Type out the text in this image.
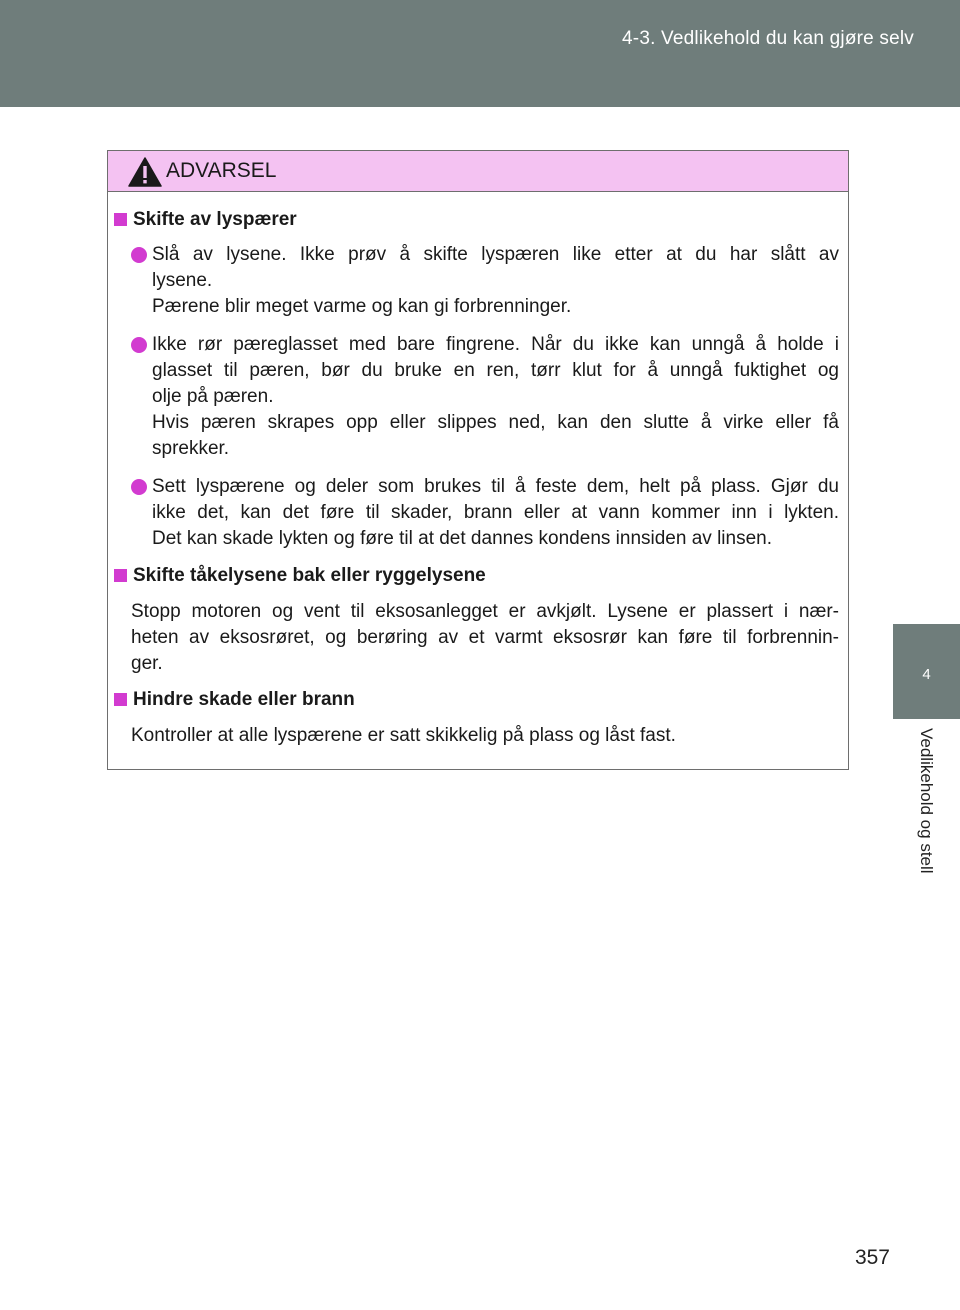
4-3. Vedlikehold du kan gjøre selv
4
Vedlikehold og stell
ADVARSEL
Skifte av lyspærer
Slå av lysene. Ikke prøv å skifte lyspæren like etter at du har slått av
lysene.
Pærene blir meget varme og kan gi forbrenninger.
Ikke rør pæreglasset med bare fingrene. Når du ikke kan unngå å holde i
glasset til pæren, bør du bruke en ren, tørr klut for å unngå fuktighet og
olje på pæren.
Hvis pæren skrapes opp eller slippes ned, kan den slutte å virke eller få
sprekker.
Sett lyspærene og deler som brukes til å feste dem, helt på plass. Gjør du
ikke det, kan det føre til skader, brann eller at vann kommer inn i lykten.
Det kan skade lykten og føre til at det dannes kondens innsiden av linsen.
Skifte tåkelysene bak eller ryggelysene
Stopp motoren og vent til eksosanlegget er avkjølt. Lysene er plassert i nær-
heten av eksosrøret, og berøring av et varmt eksosrør kan føre til forbrennin-
ger.
Hindre skade eller brann
Kontroller at alle lyspærene er satt skikkelig på plass og låst fast.
357
